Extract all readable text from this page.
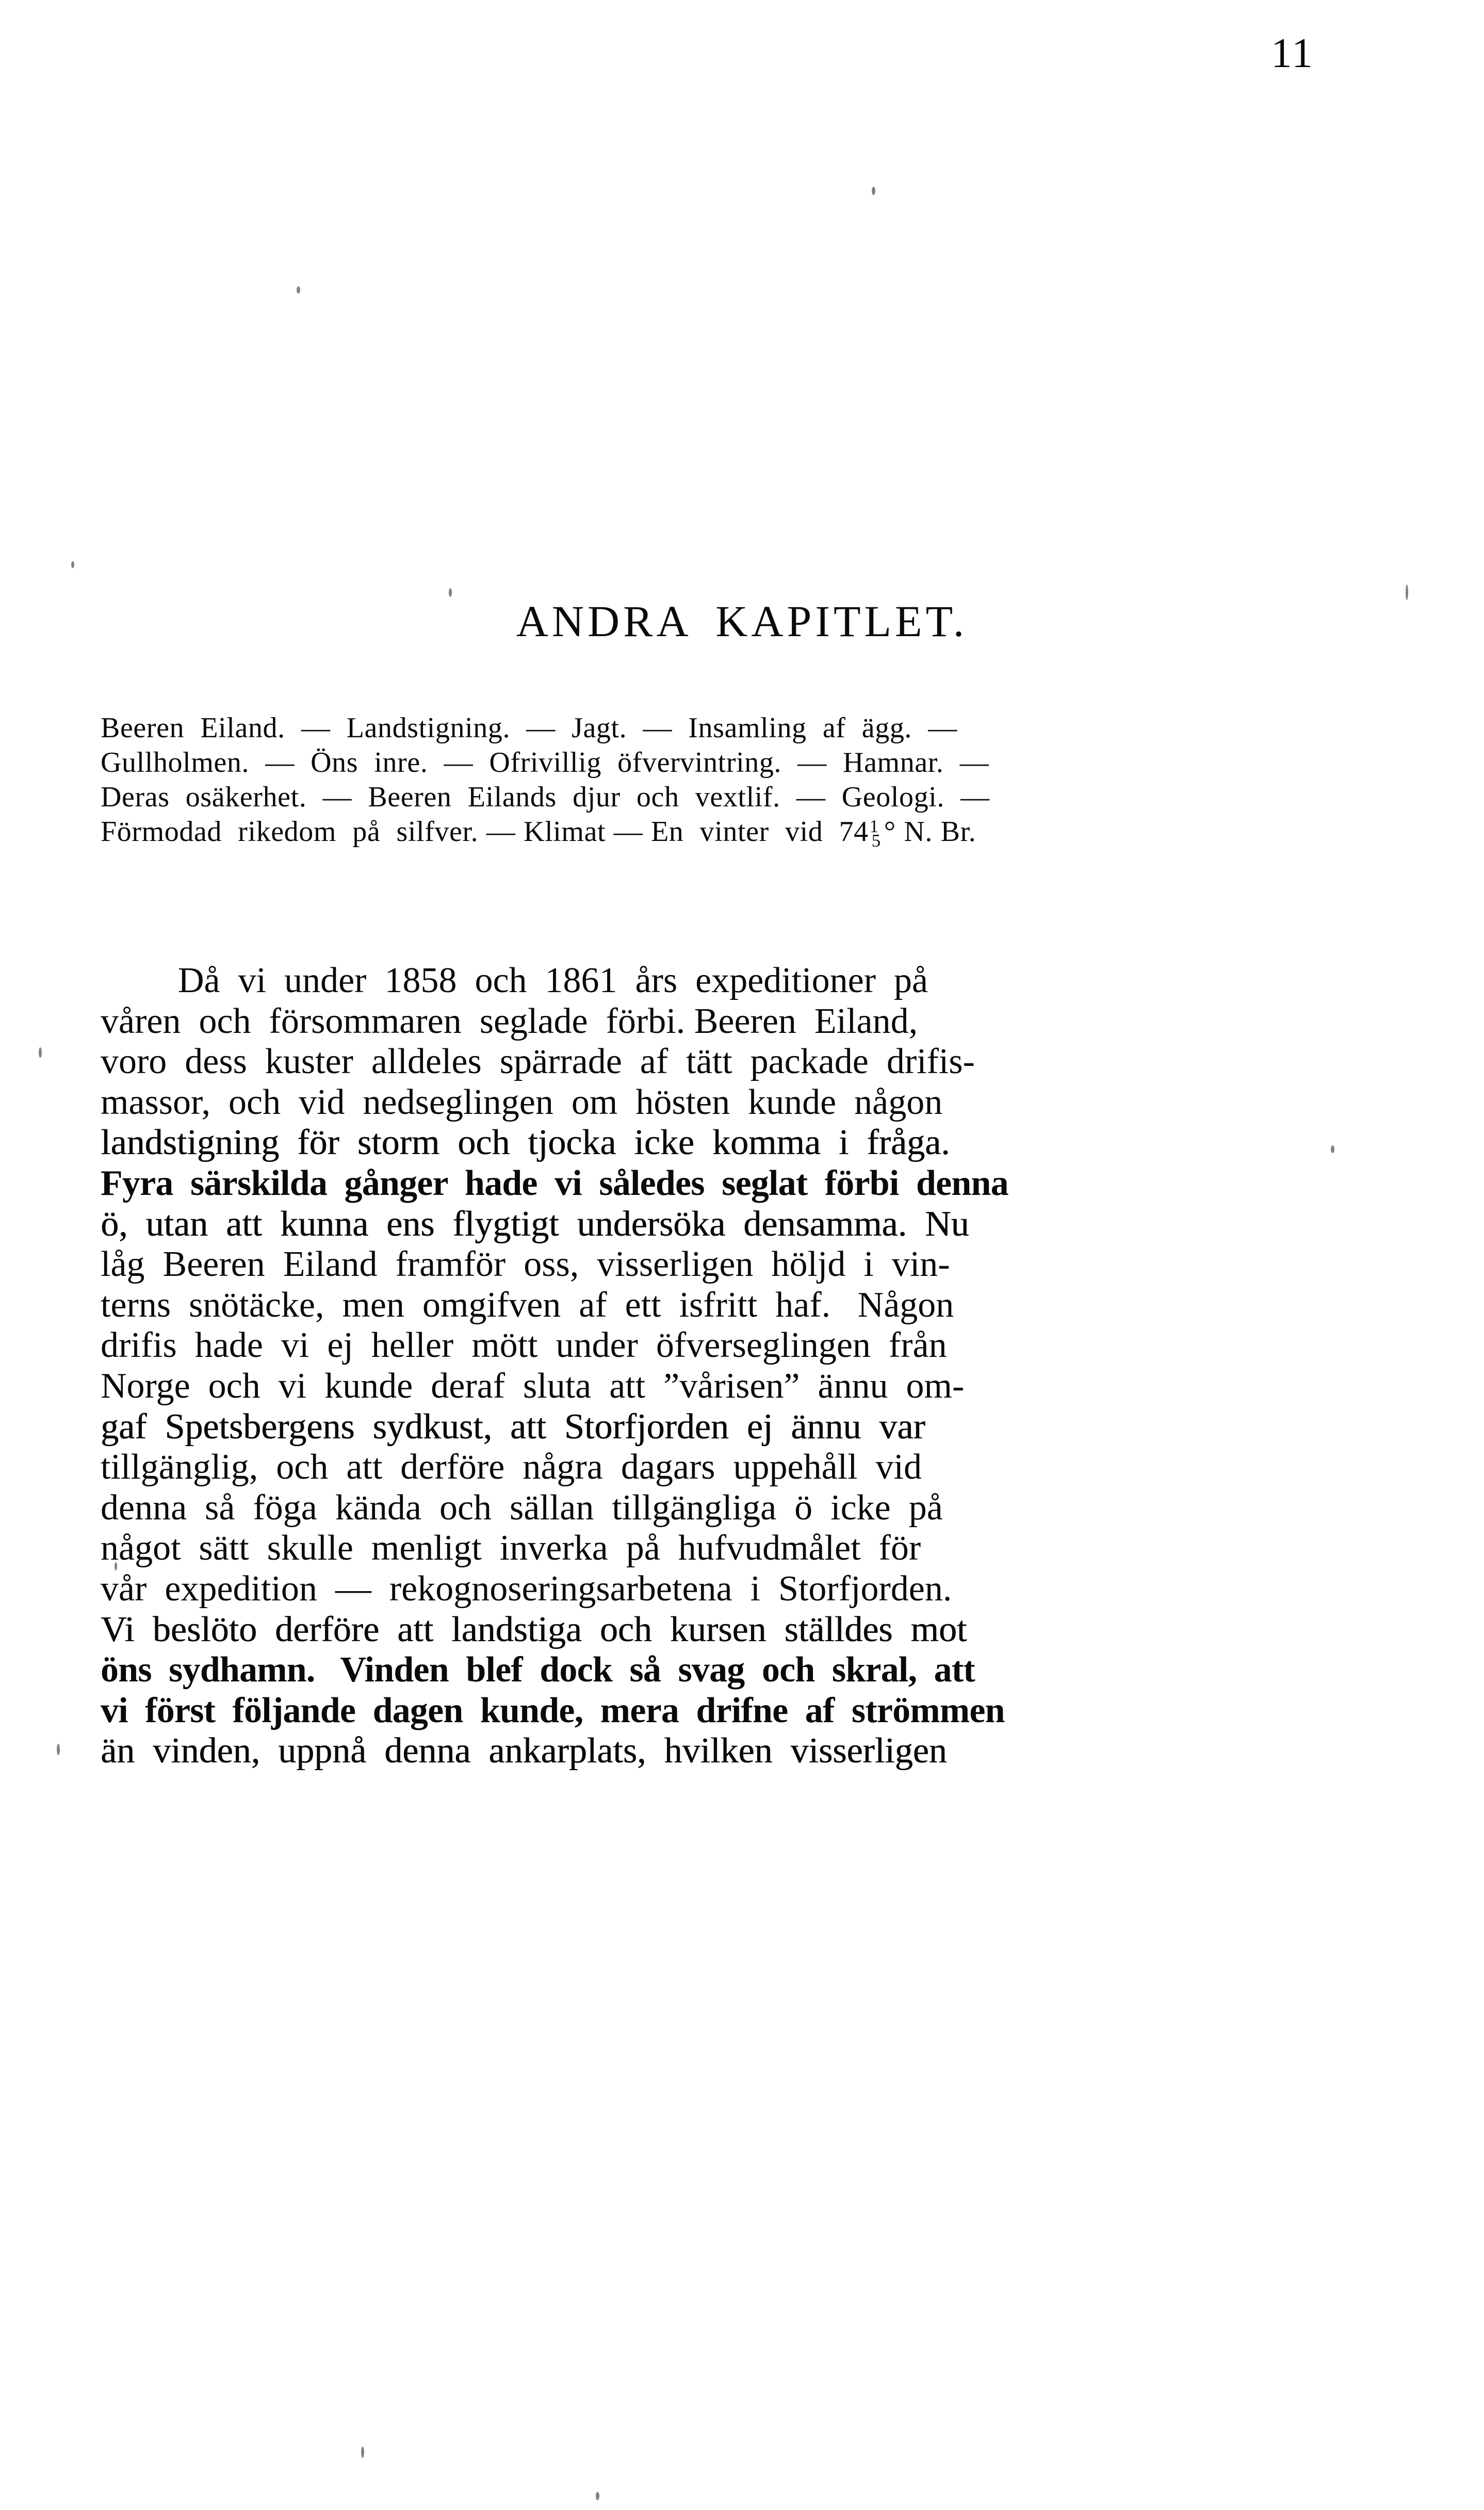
11
ANDRA KAPITLET.
Beeren  Eiland.  —  Landstigning.  —  Jagt.  —  Insamling  af  ägg.  —
Gullholmen.  —  Öns  inre.  —  Ofrivillig  öfvervintring.  —  Hamnar.  —
Deras  osäkerhet.  —  Beeren  Eilands  djur  och  vextlif.  —  Geologi.  —
Förmodad  rikedom  på  silfver. — Klimat — En  vinter  vid  74 1
5 ° N. Br.
Då  vi  under  1858  och  1861  års  expeditioner  på
våren  och  försommaren  seglade  förbi. Beeren  Eiland,
voro  dess  kuster  alldeles  spärrade  af  tätt  packade  drifis-
massor,  och  vid  nedseglingen  om  hösten  kunde  någon
landstigning  för  storm  och  tjocka  icke  komma  i  fråga.
Fyra  särskilda  gånger  hade  vi  således  seglat  förbi  denna
ö,  utan  att  kunna  ens  flygtigt  undersöka  densamma.  Nu
låg  Beeren  Eiland  framför  oss,  visserligen  höljd  i  vin-
terns  snötäcke,  men  omgifven  af  ett  isfritt  haf.   Någon
drifis  hade  vi  ej  heller  mött  under  öfverseglingen  från
Norge  och  vi  kunde  deraf  sluta  att  ”vårisen”  ännu  om-
gaf  Spetsbergens  sydkust,  att  Storfjorden  ej  ännu  var
tillgänglig,  och  att  derföre  några  dagars  uppehåll  vid
denna  så  föga  kända  och  sällan  tillgängliga  ö  icke  på
något  sätt  skulle  menligt  inverka  på  hufvudmålet  för
vår  expedition  —  rekognoseringsarbetena  i  Storfjorden.
Vi  beslöto  derföre  att  landstiga  och  kursen  ställdes  mot
öns  sydhamn.   Vinden  blef  dock  så  svag  och  skral,  att
vi  först  följande  dagen  kunde,  mera  drifne  af  strömmen
än  vinden,  uppnå  denna  ankarplats,  hvilken  visserligen
